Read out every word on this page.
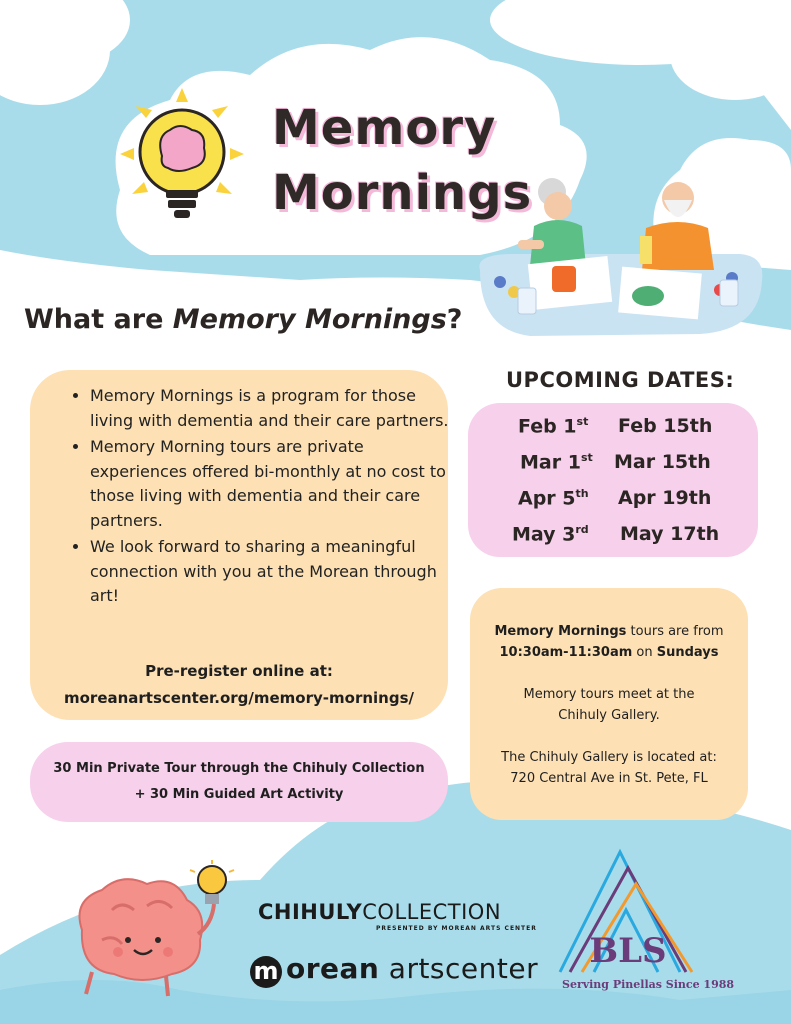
Memory
Mornings
What are Memory Mornings?
• Memory Mornings is a program for those living with dementia and their care partners.
• Memory Morning tours are private experiences offered bi-monthly at no cost to those living with dementia and their care partners.
• We look forward to sharing a meaningful connection with you at the Morean through art!
Pre-register online at:
moreanartscenter.org/memory-mornings/
UPCOMING DATES:
Feb 1st Feb 15th
Mar 1st Mar 15th
Apr 5th Apr 19th
May 3rd May 17th

Memory Mornings tours are from

10:30am-11:30am on Sundays

Memory tours meet at the

Chihuly Gallery.

The Chihuly Gallery is located at:

720 Central Ave in St. Pete, FL

30 Min Private Tour through the Chihuly Collection
+ 30 Min Guided Art Activity
CHIHULYCOLLECTION
PRESENTED BY MOREAN ARTS CENTER
m orean artscenter BLS
Serving Pinellas Since 1988
